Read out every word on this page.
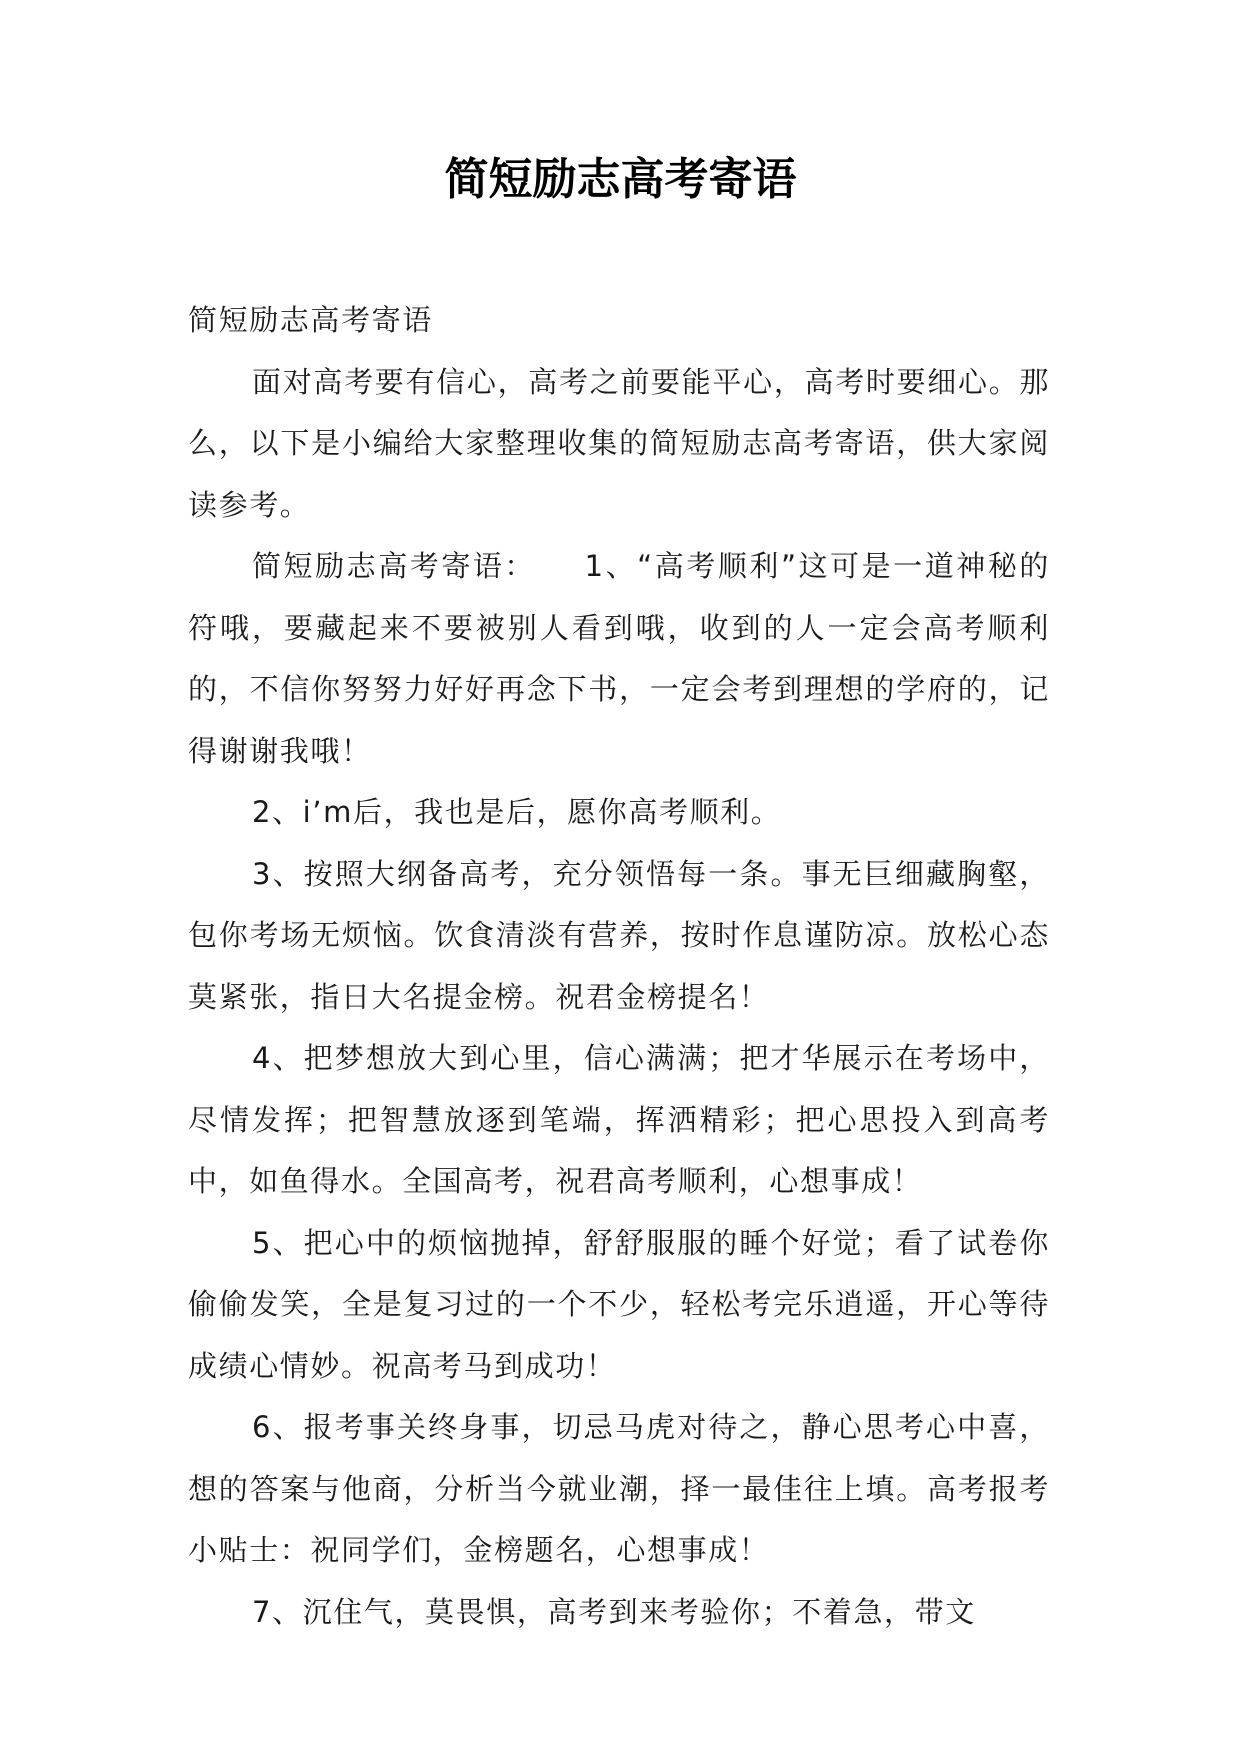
简短励志高考寄语

简短励志高考寄语

面对高考要有信心，高考之前要能平心，高考时要细心。那么，以下是小编给大家整理收集的简短励志高考寄语，供大家阅读参考。

简短励志高考寄语：　　1、“高考顺利”这可是一道神秘的符哦，要藏起来不要被别人看到哦，收到的人一定会高考顺利的，不信你努努力好好再念下书，一定会考到理想的学府的，记得谢谢我哦！

2、i’m后，我也是后，愿你高考顺利。

3、按照大纲备高考，充分领悟每一条。事无巨细藏胸壑，包你考场无烦恼。饮食清淡有营养，按时作息谨防凉。放松心态莫紧张，指日大名提金榜。祝君金榜提名！

4、把梦想放大到心里，信心满满；把才华展示在考场中，尽情发挥；把智慧放逐到笔端，挥洒精彩；把心思投入到高考中，如鱼得水。全国高考，祝君高考顺利，心想事成！

5、把心中的烦恼抛掉，舒舒服服的睡个好觉；看了试卷你偷偷发笑，全是复习过的一个不少，轻松考完乐逍遥，开心等待成绩心情妙。祝高考马到成功！

6、报考事关终身事，切忌马虎对待之，静心思考心中喜，想的答案与他商，分析当今就业潮，择一最佳往上填。高考报考小贴士：祝同学们，金榜题名，心想事成！

7、沉住气，莫畏惧，高考到来考验你；不着急，带文
